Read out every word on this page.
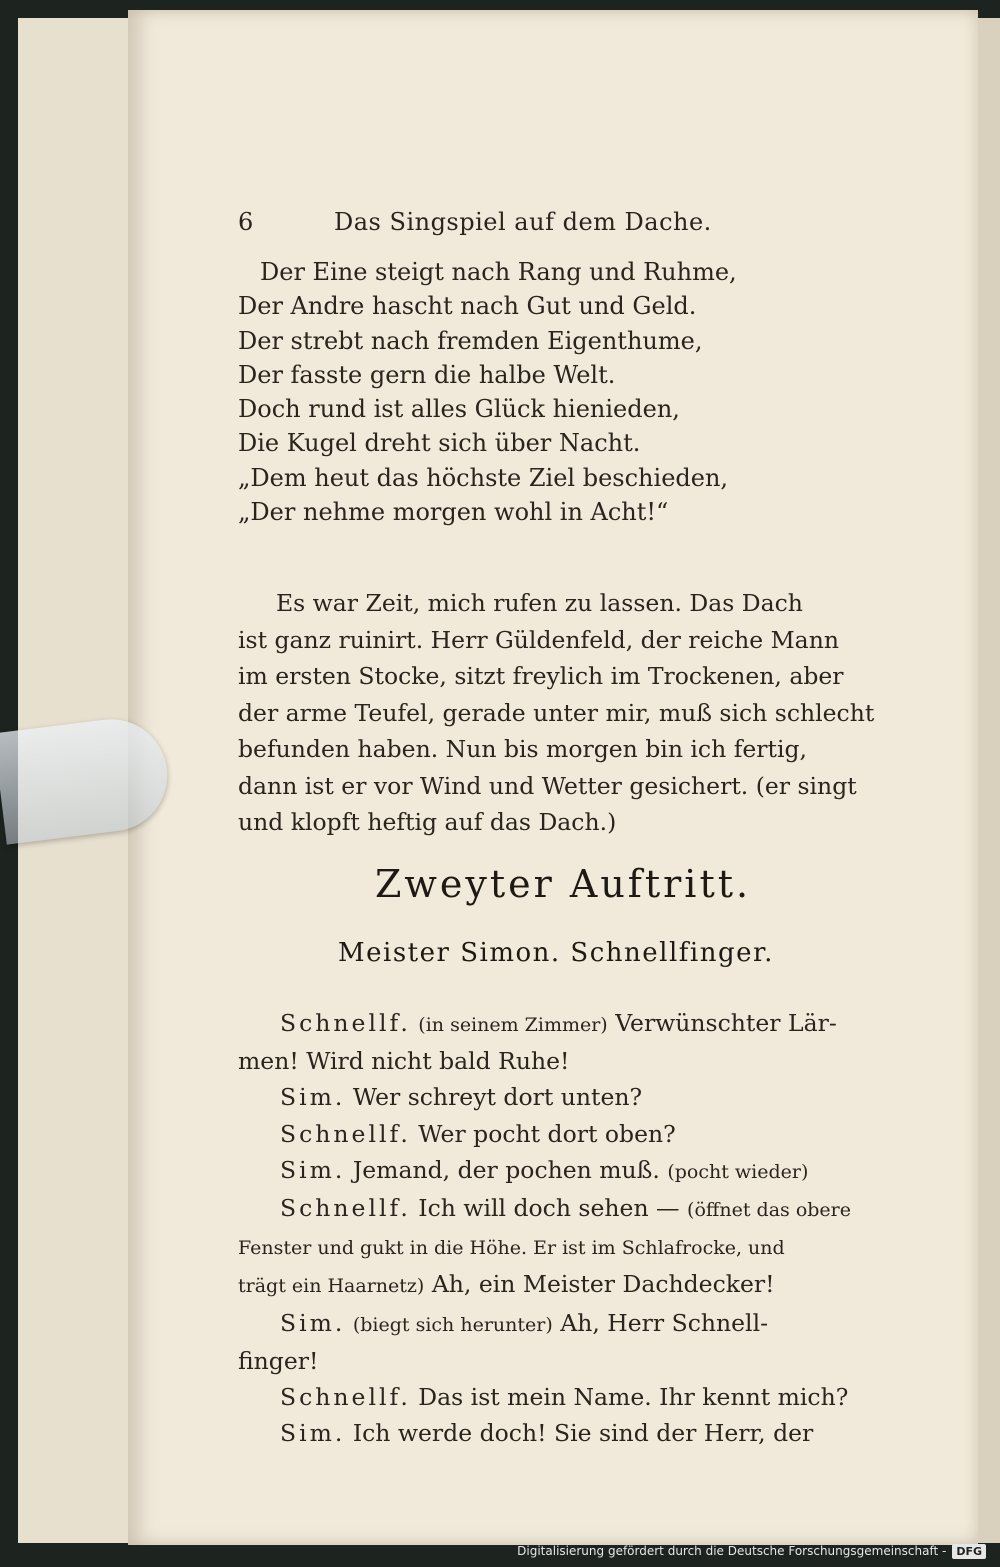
6	Das Singspiel auf dem Dache.
Der Eine steigt nach Rang und Ruhme,
Der Andre hascht nach Gut und Geld.
Der strebt nach fremden Eigenthume,
Der fasste gern die halbe Welt.
Doch rund ist alles Glück hienieden,
Die Kugel dreht sich über Nacht.
„Dem heut das höchste Ziel beschieden,
„Der nehme morgen wohl in Acht!“
Es war Zeit, mich rufen zu lassen. Das Dach
ist ganz ruinirt. Herr Güldenfeld, der reiche Mann
im ersten Stocke, sitzt freylich im Trockenen, aber
der arme Teufel, gerade unter mir, muß sich schlecht
befunden haben. Nun bis morgen bin ich fertig,
dann ist er vor Wind und Wetter gesichert. (er singt
und klopft heftig auf das Dach.)
Zweyter Auftritt.
Meister Simon. Schnellfinger.
Schnellf. (in seinem Zimmer) Verwünschter Lär-
men! Wird nicht bald Ruhe!
Sim. Wer schreyt dort unten?
Schnellf. Wer pocht dort oben?
Sim. Jemand, der pochen muß. (pocht wieder)
Schnellf. Ich will doch sehen — (öffnet das obere
Fenster und gukt in die Höhe. Er ist im Schlafrocke, und
trägt ein Haarnetz) Ah, ein Meister Dachdecker!
Sim. (biegt sich herunter) Ah, Herr Schnell-
finger!
Schnellf. Das ist mein Name. Ihr kennt mich?
Sim. Ich werde doch! Sie sind der Herr, der
Digitalisierung gefördert durch die Deutsche Forschungsgemeinschaft - DFG
